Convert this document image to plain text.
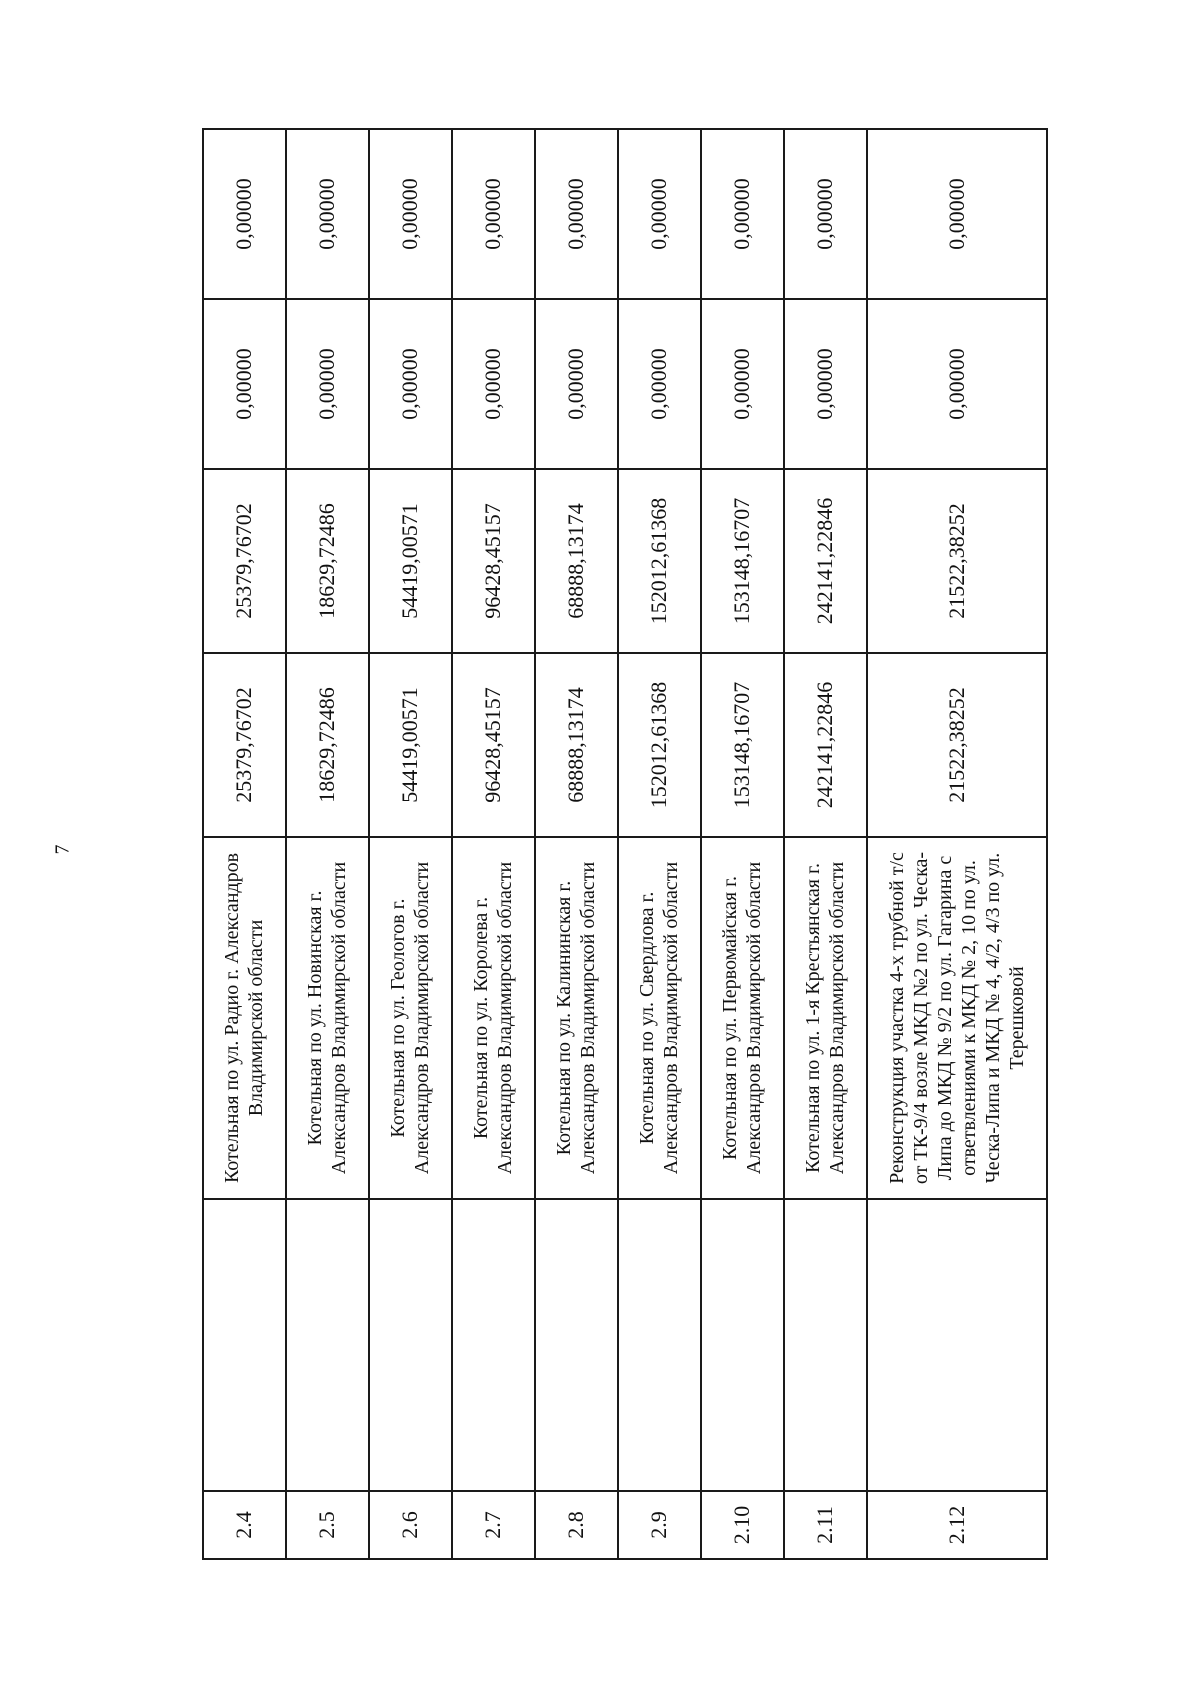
7
2.4		Котельная по ул. Радио г. Александров Владимирской области	25379,76702	25379,76702	0,00000	0,00000
2.5		Котельная по ул. Новинская г. Александров Владимирской области	18629,72486	18629,72486	0,00000	0,00000
2.6		Котельная по ул. Геологов г. Александров Владимирской области	54419,00571	54419,00571	0,00000	0,00000
2.7		Котельная по ул. Королева г. Александров Владимирской области	96428,45157	96428,45157	0,00000	0,00000
2.8		Котельная по ул. Калининская г. Александров Владимирской области	68888,13174	68888,13174	0,00000	0,00000
2.9		Котельная по ул. Свердлова г. Александров Владимирской области	152012,61368	152012,61368	0,00000	0,00000
2.10		Котельная по ул. Первомайская г. Александров Владимирской области	153148,16707	153148,16707	0,00000	0,00000
2.11		Котельная по ул. 1-я Крестьянская г. Александров Владимирской области	242141,22846	242141,22846	0,00000	0,00000
2.12		Реконструкция участка 4-х трубной т/с от ТК-9/4 возле МКД №2 по ул. Ческа-Липа до МКД № 9/2 по ул. Гагарина с ответвлениями к МКД № 2, 10 по ул. Ческа-Липа и МКД № 4, 4/2, 4/3 по ул. Терешковой	21522,38252	21522,38252	0,00000	0,00000
